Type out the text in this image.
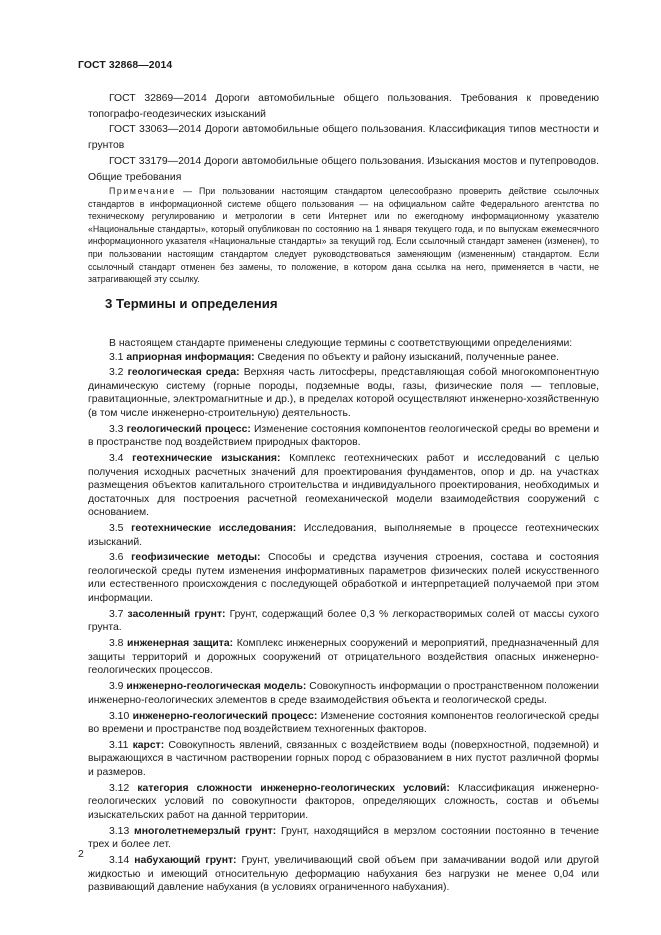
ГОСТ 32868—2014

ГОСТ 32869—2014 Дороги автомобильные общего пользования. Требования к проведению топографо-геодезических изысканий

ГОСТ 33063—2014 Дороги автомобильные общего пользования. Классификация типов местности и грунтов

ГОСТ 33179—2014 Дороги автомобильные общего пользования. Изыскания мостов и путепроводов. Общие требования

Примечание — При пользовании настоящим стандартом целесообразно проверить действие ссылочных стандартов в информационной системе общего пользования — на официальном сайте Федерального агентства по техническому регулированию и метрологии в сети Интернет или по ежегодному информационному указателю «Национальные стандарты», который опубликован по состоянию на 1 января текущего года, и по выпускам ежемесячного информационного указателя «Национальные стандарты» за текущий год. Если ссылочный стандарт заменен (изменен), то при пользовании настоящим стандартом следует руководствоваться заменяющим (измененным) стандартом. Если ссылочный стандарт отменен без замены, то положение, в котором дана ссылка на него, применяется в части, не затрагивающей эту ссылку.

3 Термины и определения

В настоящем стандарте применены следующие термины с соответствующими определениями:

3.1 априорная информация: Сведения по объекту и району изысканий, полученные ранее.

3.2 геологическая среда: Верхняя часть литосферы, представляющая собой многокомпонентную динамическую систему (горные породы, подземные воды, газы, физические поля — тепловые, гравитационные, электромагнитные и др.), в пределах которой осуществляют инженерно-хозяйственную (в том числе инженерно-строительную) деятельность.

3.3 геологический процесс: Изменение состояния компонентов геологической среды во времени и в пространстве под воздействием природных факторов.

3.4 геотехнические изыскания: Комплекс геотехнических работ и исследований с целью получения исходных расчетных значений для проектирования фундаментов, опор и др. на участках размещения объектов капитального строительства и индивидуального проектирования, необходимых и достаточных для построения расчетной геомеханической модели взаимодействия сооружений с основанием.

3.5 геотехнические исследования: Исследования, выполняемые в процессе геотехнических изысканий.

3.6 геофизические методы: Способы и средства изучения строения, состава и состояния геологической среды путем изменения информативных параметров физических полей искусственного или естественного происхождения с последующей обработкой и интерпретацией получаемой при этом информации.

3.7 засоленный грунт: Грунт, содержащий более 0,3 % легкорастворимых солей от массы сухого грунта.

3.8 инженерная защита: Комплекс инженерных сооружений и мероприятий, предназначенный для защиты территорий и дорожных сооружений от отрицательного воздействия опасных инженерно-геологических процессов.

3.9 инженерно-геологическая модель: Совокупность информации о пространственном положении инженерно-геологических элементов в среде взаимодействия объекта и геологической среды.

3.10 инженерно-геологический процесс: Изменение состояния компонентов геологической среды во времени и пространстве под воздействием техногенных факторов.

3.11 карст: Совокупность явлений, связанных с воздействием воды (поверхностной, подземной) и выражающихся в частичном растворении горных пород с образованием в них пустот различной формы и размеров.

3.12 категория сложности инженерно-геологических условий: Классификация инженерно-геологических условий по совокупности факторов, определяющих сложность, состав и объемы изыскательских работ на данной территории.

3.13 многолетнемерзлый грунт: Грунт, находящийся в мерзлом состоянии постоянно в течение трех и более лет.

3.14 набухающий грунт: Грунт, увеличивающий свой объем при замачивании водой или другой жидкостью и имеющий относительную деформацию набухания без нагрузки не менее 0,04 или развивающий давление набухания (в условиях ограниченного набухания).

2
